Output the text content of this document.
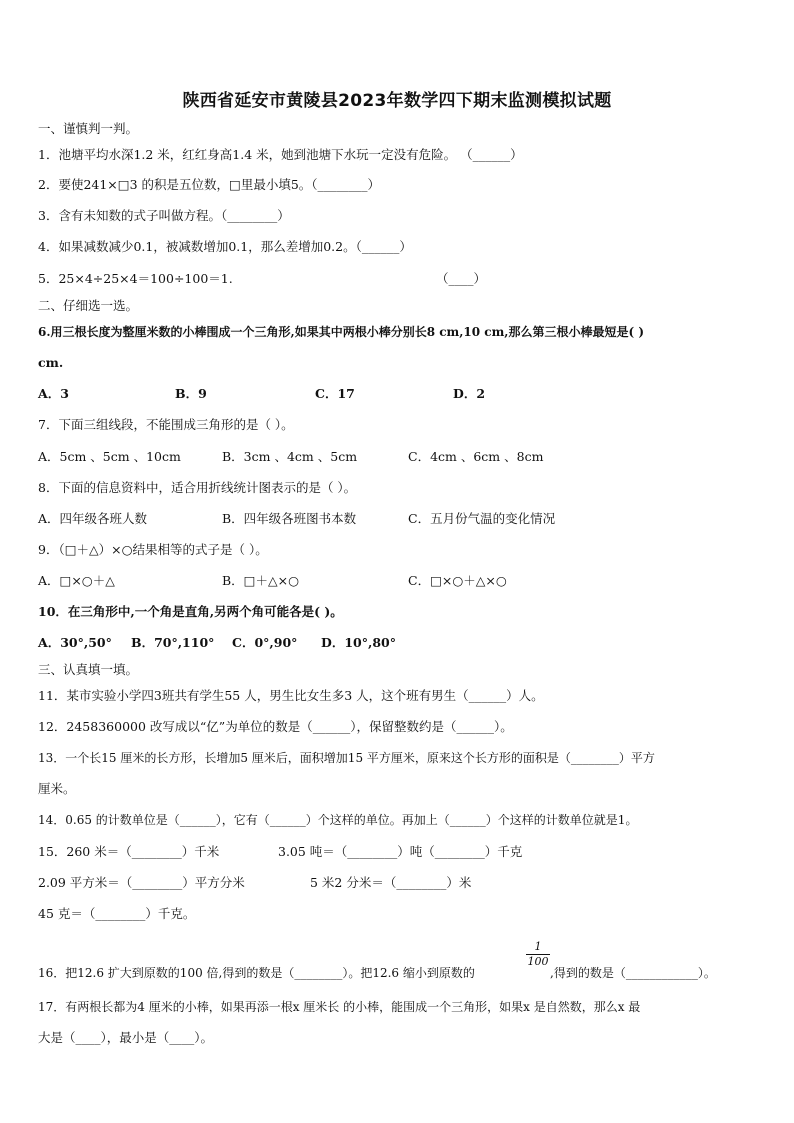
陕西省延安市黄陵县2023年数学四下期末监测模拟试题
一、谨慎判一判。
1．池塘平均水深1.2 米，红红身高1.4 米，她到池塘下水玩一定没有危险。 （______）
2．要使241×□3 的积是五位数，□里最小填5。（________）
3．含有未知数的式子叫做方程。（________）
4．如果减数减少0.1，被减数增加0.1，那么差增加0.2。（______）
5．25×4÷25×4＝100÷100＝1.	（____）
二、仔细选一选。
6.用三根长度为整厘米数的小棒围成一个三角形,如果其中两根小棒分别长8 cm,10 cm,那么第三根小棒最短是( )
cm.
A．3	B．9	C．17	D．2
7．下面三组线段，不能围成三角形的是（ ）。
A．5cm 、5cm 、10cm	B．3cm 、4cm 、5cm	C．4cm 、6cm 、8cm
8．下面的信息资料中，适合用折线统计图表示的是（ ）。
A．四年级各班人数	B．四年级各班图书本数	C．五月份气温的变化情况
9．（□＋△）×○结果相等的式子是（ ）。
A．□×○＋△	B．□＋△×○	C．□×○＋△×○
10．在三角形中,一个角是直角,另两个角可能各是( )。
A．30°,50° B．70°,110° C．0°,90° D．10°,80°
三、认真填一填。
11．某市实验小学四3班共有学生55 人，男生比女生多3 人，这个班有男生（______）人。
12．2458360000 改写成以“亿”为单位的数是（______），保留整数约是（______）。
13．一个长15 厘米的长方形，长增加5 厘米后，面积增加15 平方厘米，原来这个长方形的面积是（________）平方
厘米。
14．0.65 的计数单位是（______），它有（______）个这样的单位。再加上（______）个这样的计数单位就是1。
15．260 米＝（________）千米	3.05 吨＝（________）吨（________）千克
2.09 平方米＝（________）平方分米	5 米2 分米＝（________）米
45 克＝（________）千克。
16．把12.6 扩大到原数的100 倍,得到的数是（________）。把12.6 缩小到原数的
$\frac{1}{100}$
,得到的数是（____________）。
17．有两根长都为4 厘米的小棒，如果再添一根x 厘米长 的小棒，能围成一个三角形，如果x 是自然数，那么x 最
大是（____），最小是（____）。
